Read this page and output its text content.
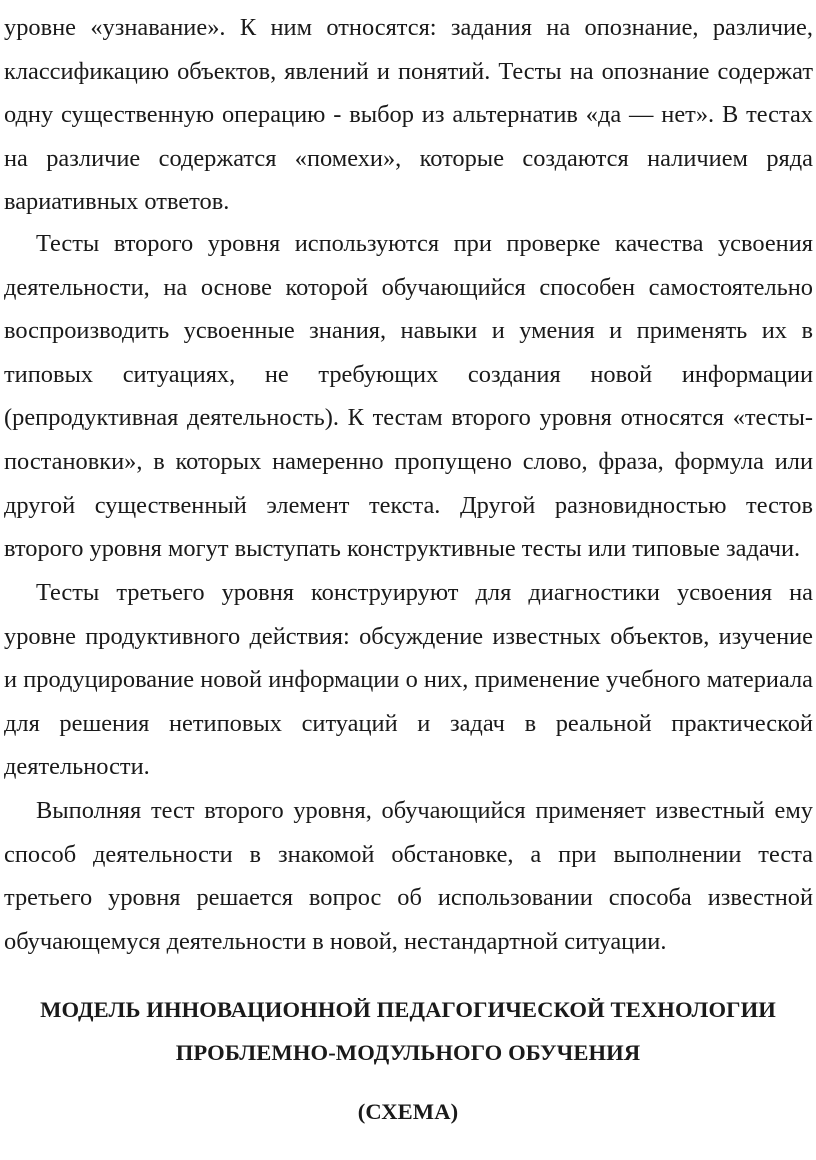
уровне «узнавание». К ним относятся: задания на опознание, различие, классификацию объектов, явлений и понятий. Тесты на опознание содержат одну существенную операцию - выбор из альтернатив «да — нет». В тестах на различие содержатся «помехи», которые создаются наличием ряда вариативных ответов.

Тесты второго уровня используются при проверке качества усвоения деятельности, на основе которой обучающийся способен самостоятельно воспроизводить усвоенные знания, навыки и умения и применять их в типовых ситуациях, не требующих создания новой информации (репродуктивная деятельность). К тестам второго уровня относятся «тесты-постановки», в которых намеренно пропущено слово, фраза, формула или другой существенный элемент текста. Другой разновидностью тестов второго уровня могут выступать конструктивные тесты или типовые задачи.

Тесты третьего уровня конструируют для диагностики усвоения на уровне продуктивного действия: обсуждение известных объектов, изучение и продуцирование новой информации о них, применение учебного материала для решения нетиповых ситуаций и задач в реальной практической деятельности.

Выполняя тест второго уровня, обучающийся применяет известный ему способ деятельности в знакомой обстановке, а при выполнении теста третьего уровня решается вопрос об использовании способа известной обучающемуся деятельности в новой, нестандартной ситуации.

МОДЕЛЬ ИННОВАЦИОННОЙ ПЕДАГОГИЧЕСКОЙ ТЕХНОЛОГИИ
ПРОБЛЕМНО-МОДУЛЬНОГО ОБУЧЕНИЯ
(СХЕМА)
